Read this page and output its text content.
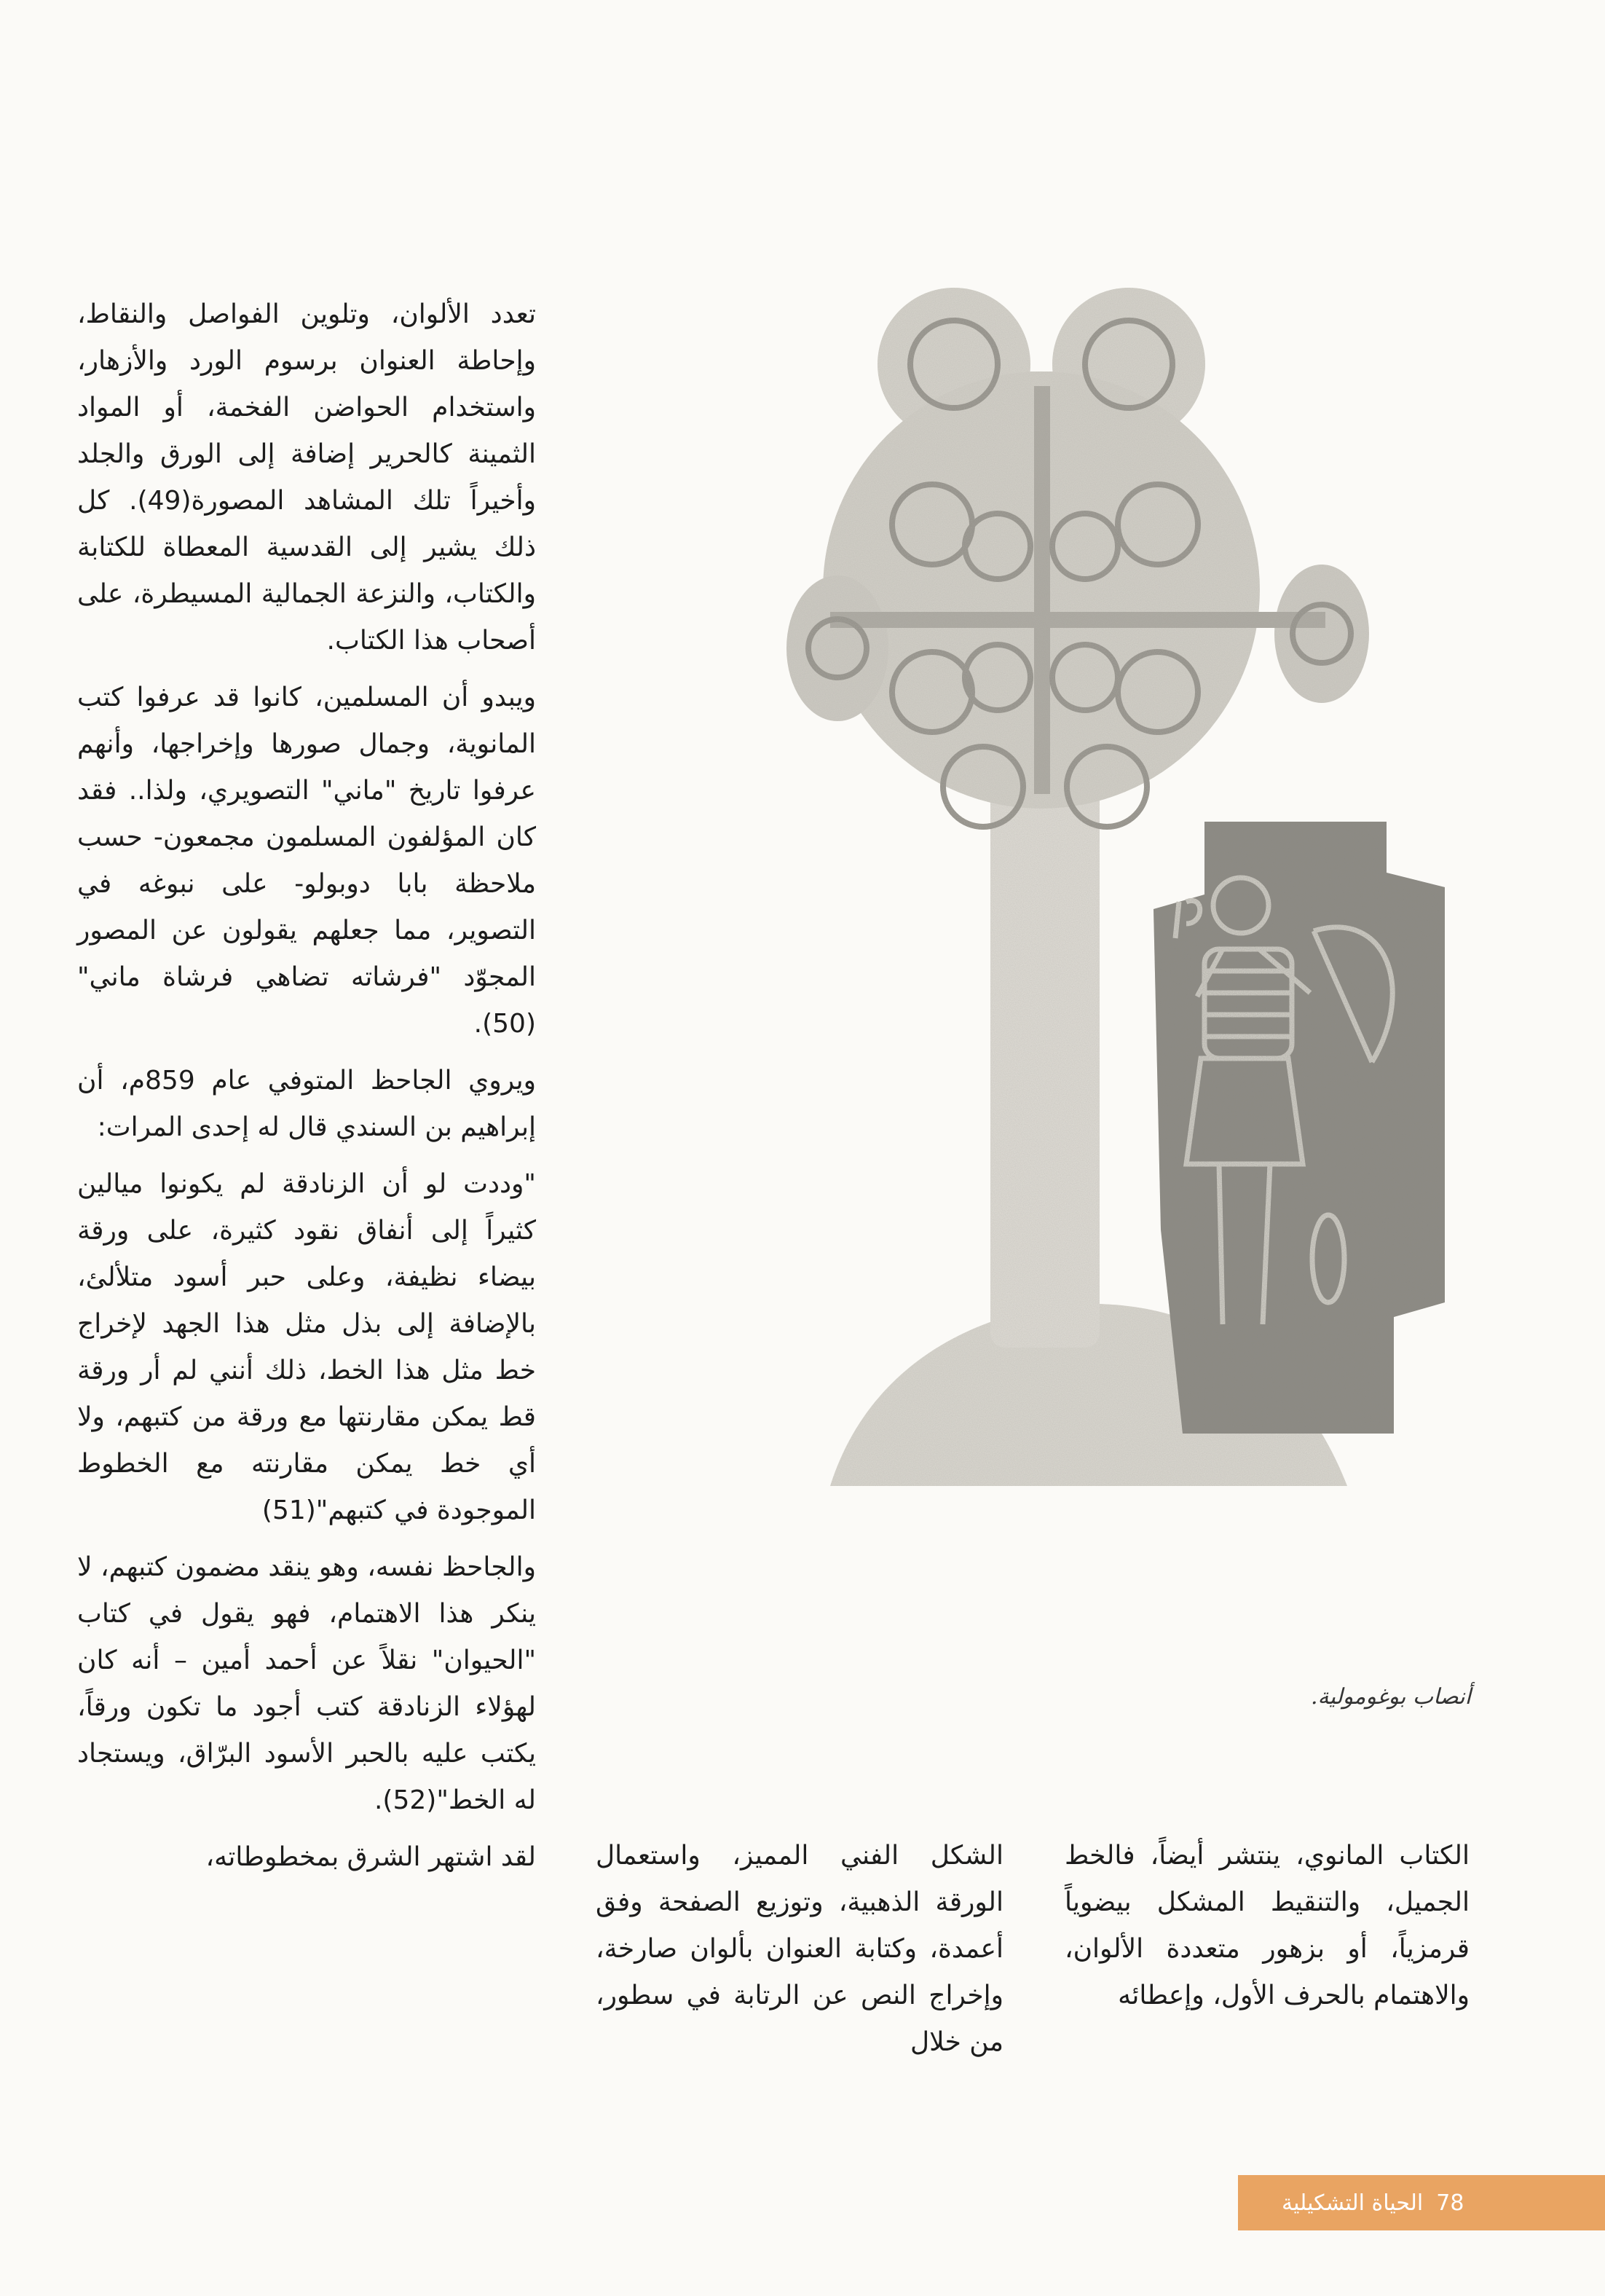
تعدد الألوان، وتلوين الفواصل والنقاط، وإحاطة العنوان برسوم الورد والأزهار، واستخدام الحواضن الفخمة، أو المواد الثمينة كالحرير إضافة إلى الورق والجلد وأخيراً تلك المشاهد المصورة(49). كل ذلك يشير إلى القدسية المعطاة للكتابة والكتاب، والنزعة الجمالية المسيطرة، على أصحاب هذا الكتاب.

ويبدو أن المسلمين، كانوا قد عرفوا كتب المانوية، وجمال صورها وإخراجها، وأنهم عرفوا تاريخ "ماني" التصويري، ولذا.. فقد كان المؤلفون المسلمون مجمعون- حسب ملاحظة بابا دوبولو- على نبوغه في التصوير، مما جعلهم يقولون عن المصور المجوّد "فرشاته تضاهي فرشاة ماني"(50).

ويروي الجاحظ المتوفي عام 859م، أن إبراهيم بن السندي قال له إحدى المرات:

"وددت لو أن الزنادقة لم يكونوا ميالين كثيراً إلى أنفاق نقود كثيرة، على ورقة بيضاء نظيفة، وعلى حبر أسود متلألئ، بالإضافة إلى بذل مثل هذا الجهد لإخراج خط مثل هذا الخط، ذلك أنني لم أر ورقة قط يمكن مقارنتها مع ورقة من كتبهم، ولا أي خط يمكن مقارنته مع الخطوط الموجودة في كتبهم"(51)

والجاحظ نفسه، وهو ينقد مضمون كتبهم، لا ينكر هذا الاهتمام، فهو يقول في كتاب "الحيوان" نقلاً عن أحمد أمين – أنه كان لهؤلاء الزنادقة كتب أجود ما تكون ورقاً، يكتب عليه بالحبر الأسود البرّاق، ويستجاد له الخط"(52).

لقد اشتهر الشرق بمخطوطاته،

أنصاب بوغومولية.

الكتاب المانوي، ينتشر أيضاً، فالخط الجميل، والتنقيط المشكل بيضوياً قرمزياً، أو بزهور متعددة الألوان، والاهتمام بالحرف الأول، وإعطائه

الشكل الفني المميز، واستعمال الورقة الذهبية، وتوزيع الصفحة وفق أعمدة، وكتابة العنوان بألوان صارخة، وإخراج النص عن الرتابة في سطور، من خلال

78
الحياة التشكيلية
